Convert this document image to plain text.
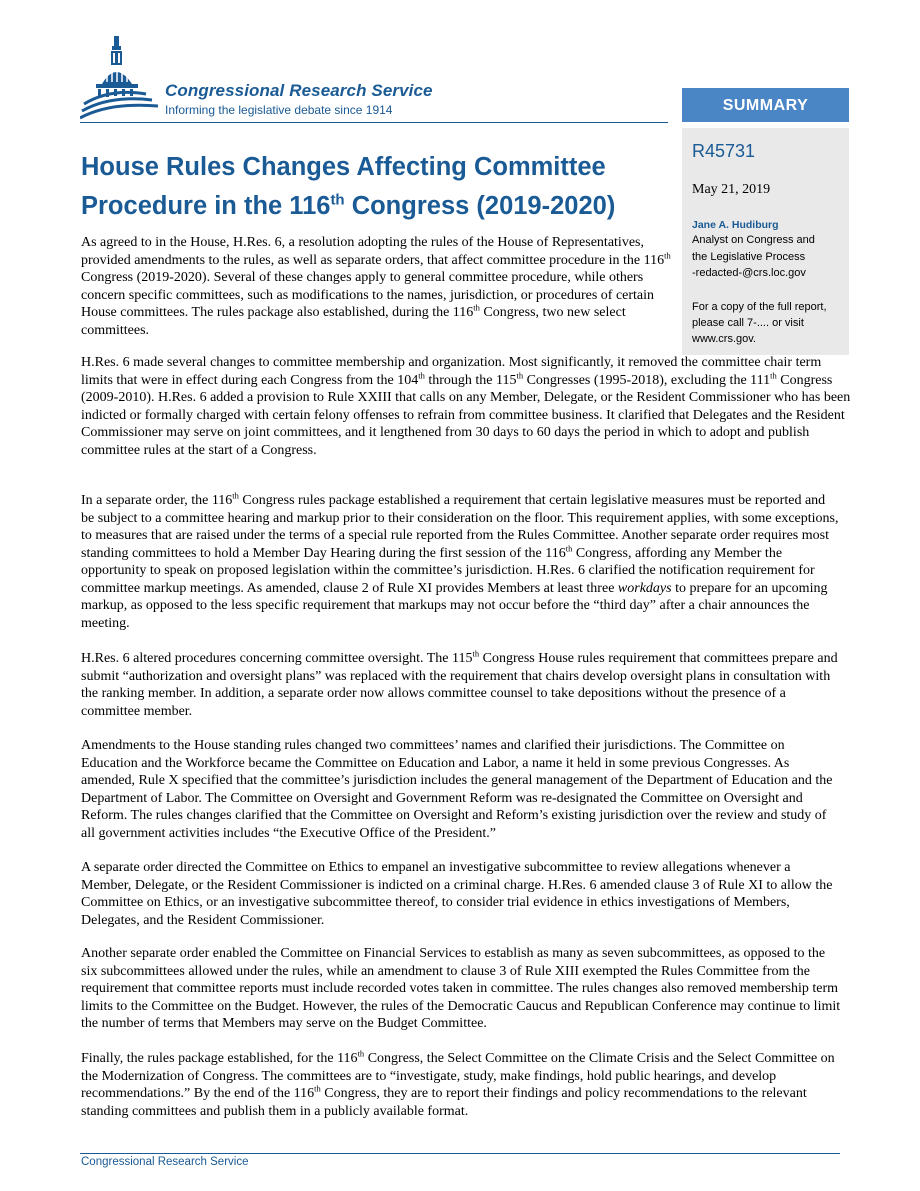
Congressional Research Service
Informing the legislative debate since 1914	SUMMARY
R45731
May 21, 2019
Jane A. Hudiburg
Analyst on Congress and
the Legislative Process
-redacted-@crs.loc.gov
For a copy of the full report,
please call 7-.... or visit
www.crs.gov.
House Rules Changes Affecting Committee Procedure in the 116th Congress (2019-2020)

As agreed to in the House, H.Res. 6, a resolution adopting the rules of the House of Representatives, provided amendments to the rules, as well as separate orders, that affect committee procedure in the 116th Congress (2019-2020). Several of these changes apply to general committee procedure, while others concern specific committees, such as modifications to the names, jurisdiction, or procedures of certain House committees. The rules package also established, during the 116th Congress, two new select committees.

H.Res. 6 made several changes to committee membership and organization. Most significantly, it removed the committee chair term limits that were in effect during each Congress from the 104th through the 115th Congresses (1995-2018), excluding the 111th Congress (2009-2010). H.Res. 6 added a provision to Rule XXIII that calls on any Member, Delegate, or the Resident Commissioner who has been indicted or formally charged with certain felony offenses to refrain from committee business. It clarified that Delegates and the Resident Commissioner may serve on joint committees, and it lengthened from 30 days to 60 days the period in which to adopt and publish committee rules at the start of a Congress.

In a separate order, the 116th Congress rules package established a requirement that certain legislative measures must be reported and be subject to a committee hearing and markup prior to their consideration on the floor. This requirement applies, with some exceptions, to measures that are raised under the terms of a special rule reported from the Rules Committee. Another separate order requires most standing committees to hold a Member Day Hearing during the first session of the 116th Congress, affording any Member the opportunity to speak on proposed legislation within the committee’s jurisdiction. H.Res. 6 clarified the notification requirement for committee markup meetings. As amended, clause 2 of Rule XI provides Members at least three workdays to prepare for an upcoming markup, as opposed to the less specific requirement that markups may not occur before the “third day” after a chair announces the meeting.

H.Res. 6 altered procedures concerning committee oversight. The 115th Congress House rules requirement that committees prepare and submit “authorization and oversight plans” was replaced with the requirement that chairs develop oversight plans in consultation with the ranking member. In addition, a separate order now allows committee counsel to take depositions without the presence of a committee member.

Amendments to the House standing rules changed two committees’ names and clarified their jurisdictions. The Committee on Education and the Workforce became the Committee on Education and Labor, a name it held in some previous Congresses. As amended, Rule X specified that the committee’s jurisdiction includes the general management of the Department of Education and the Department of Labor. The Committee on Oversight and Government Reform was re-designated the Committee on Oversight and Reform. The rules changes clarified that the Committee on Oversight and Reform’s existing jurisdiction over the review and study of all government activities includes “the Executive Office of the President.”

A separate order directed the Committee on Ethics to empanel an investigative subcommittee to review allegations whenever a Member, Delegate, or the Resident Commissioner is indicted on a criminal charge. H.Res. 6 amended clause 3 of Rule XI to allow the Committee on Ethics, or an investigative subcommittee thereof, to consider trial evidence in ethics investigations of Members, Delegates, and the Resident Commissioner.

Another separate order enabled the Committee on Financial Services to establish as many as seven subcommittees, as opposed to the six subcommittees allowed under the rules, while an amendment to clause 3 of Rule XIII exempted the Rules Committee from the requirement that committee reports must include recorded votes taken in committee. The rules changes also removed membership term limits to the Committee on the Budget. However, the rules of the Democratic Caucus and Republican Conference may continue to limit the number of terms that Members may serve on the Budget Committee.

Finally, the rules package established, for the 116th Congress, the Select Committee on the Climate Crisis and the Select Committee on the Modernization of Congress. The committees are to “investigate, study, make findings, hold public hearings, and develop recommendations.” By the end of the 116th Congress, they are to report their findings and policy recommendations to the relevant standing committees and publish them in a publicly available format.

Congressional Research Service
